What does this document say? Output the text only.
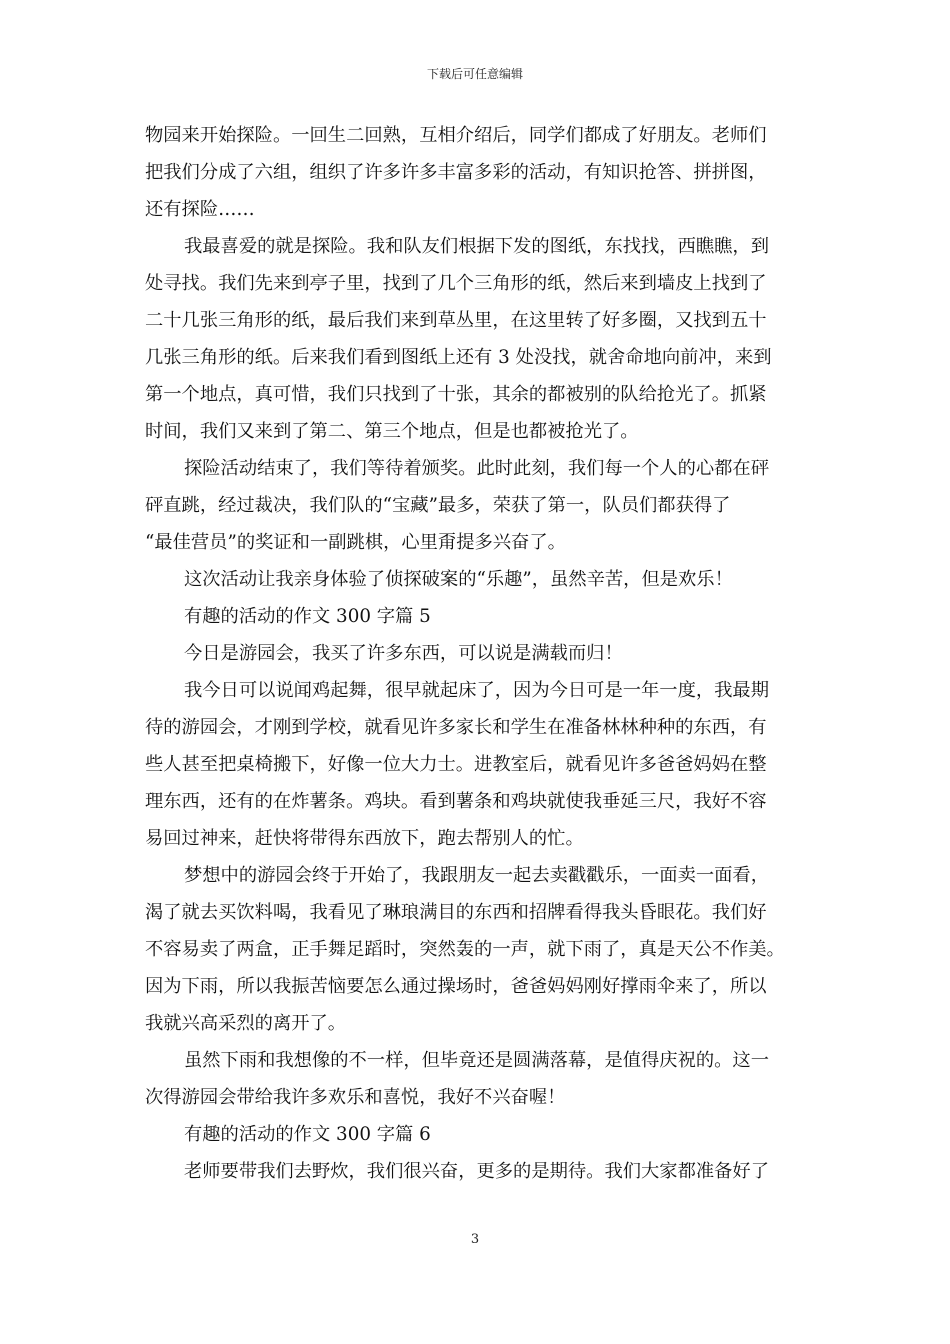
下载后可任意编辑
物园来开始探险。一回生二回熟，互相介绍后，同学们都成了好朋友。老师们
把我们分成了六组，组织了许多许多丰富多彩的活动，有知识抢答、拼拼图，
还有探险……
我最喜爱的就是探险。我和队友们根据下发的图纸，东找找，西瞧瞧，到
处寻找。我们先来到亭子里，找到了几个三角形的纸，然后来到墙皮上找到了
二十几张三角形的纸，最后我们来到草丛里，在这里转了好多圈，又找到五十
几张三角形的纸。后来我们看到图纸上还有 3 处没找，就舍命地向前冲，来到
第一个地点，真可惜，我们只找到了十张，其余的都被别的队给抢光了。抓紧
时间，我们又来到了第二、第三个地点，但是也都被抢光了。
探险活动结束了，我们等待着颁奖。此时此刻，我们每一个人的心都在砰
砰直跳，经过裁决，我们队的“宝藏”最多，荣获了第一，队员们都获得了
“最佳营员”的奖证和一副跳棋，心里甭提多兴奋了。
这次活动让我亲身体验了侦探破案的“乐趣”，虽然辛苦，但是欢乐！
有趣的活动的作文 300 字篇 5
今日是游园会，我买了许多东西，可以说是满载而归！
我今日可以说闻鸡起舞，很早就起床了，因为今日可是一年一度，我最期
待的游园会，才刚到学校，就看见许多家长和学生在准备林林种种的东西，有
些人甚至把桌椅搬下，好像一位大力士。进教室后，就看见许多爸爸妈妈在整
理东西，还有的在炸薯条。鸡块。看到薯条和鸡块就使我垂延三尺，我好不容
易回过神来，赶快将带得东西放下，跑去帮别人的忙。
梦想中的游园会终于开始了，我跟朋友一起去卖戳戳乐，一面卖一面看，
渴了就去买饮料喝，我看见了琳琅满目的东西和招牌看得我头昏眼花。我们好
不容易卖了两盒，正手舞足蹈时，突然轰的一声，就下雨了，真是天公不作美。
因为下雨，所以我振苦恼要怎么通过操场时，爸爸妈妈刚好撑雨伞来了，所以
我就兴高采烈的离开了。
虽然下雨和我想像的不一样，但毕竟还是圆满落幕，是值得庆祝的。这一
次得游园会带给我许多欢乐和喜悦，我好不兴奋喔！
有趣的活动的作文 300 字篇 6
老师要带我们去野炊，我们很兴奋，更多的是期待。我们大家都准备好了
3
